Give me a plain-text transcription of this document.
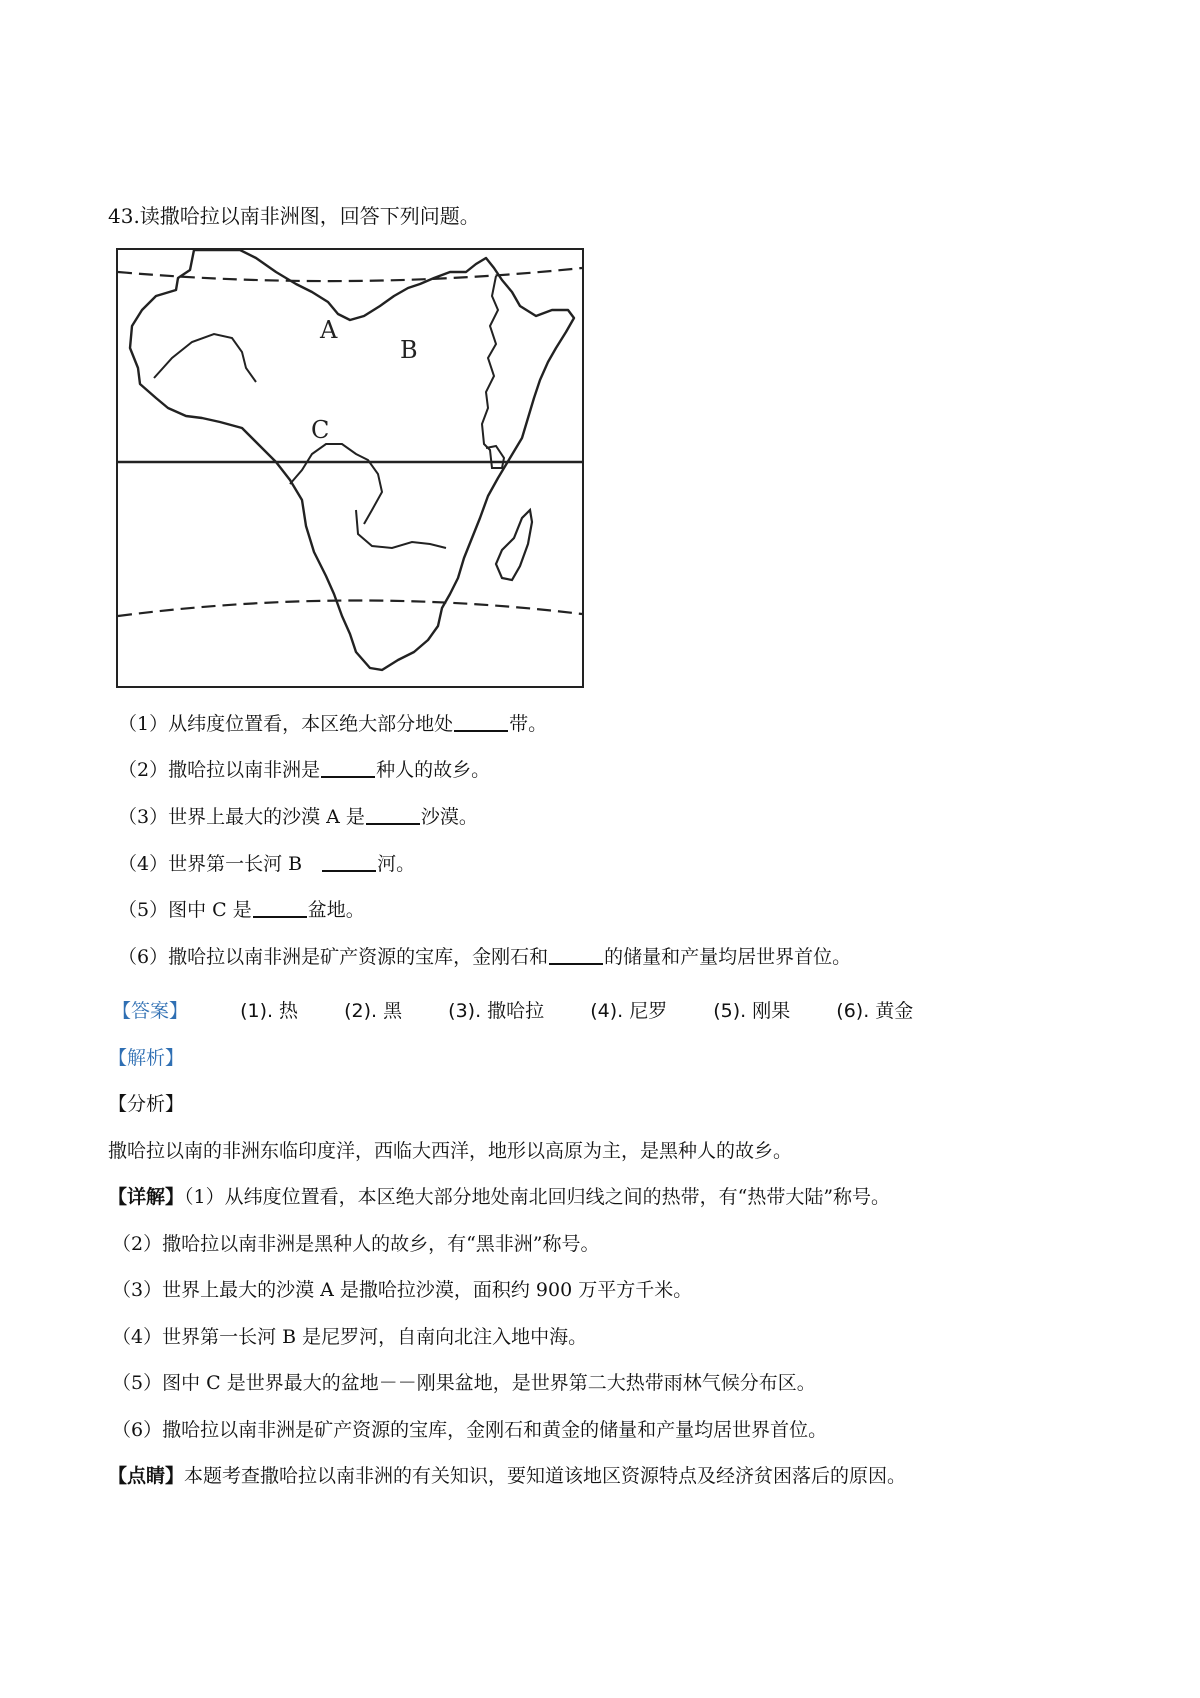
43.读撒哈拉以南非洲图，回答下列问题。
A
B
C
（1）从纬度位置看，本区绝大部分地处	带。
（2）撒哈拉以南非洲是	种人的故乡。
（3）世界上最大的沙漠 A 是	沙漠。
（4）世界第一长河 B　	河。
（5）图中 C 是	盆地。
（6）撒哈拉以南非洲是矿产资源的宝库，金刚石和	的储量和产量均居世界首位。
【答案】	(1). 热 (2). 黑 (3). 撒哈拉 (4). 尼罗 (5). 刚果 (6). 黄金
【解析】
【分析】
撒哈拉以南的非洲东临印度洋，西临大西洋，地形以高原为主，是黑种人的故乡。
【详解】（1）从纬度位置看，本区绝大部分地处南北回归线之间的热带，有“热带大陆”称号。
（2）撒哈拉以南非洲是黑种人的故乡，有“黑非洲”称号。
（3）世界上最大的沙漠 A 是撒哈拉沙漠，面积约 900 万平方千米。
（4）世界第一长河 B 是尼罗河，自南向北注入地中海。
（5）图中 C 是世界最大的盆地－－刚果盆地，是世界第二大热带雨林气候分布区。
（6）撒哈拉以南非洲是矿产资源的宝库，金刚石和黄金的储量和产量均居世界首位。
【点睛】本题考查撒哈拉以南非洲的有关知识，要知道该地区资源特点及经济贫困落后的原因。
